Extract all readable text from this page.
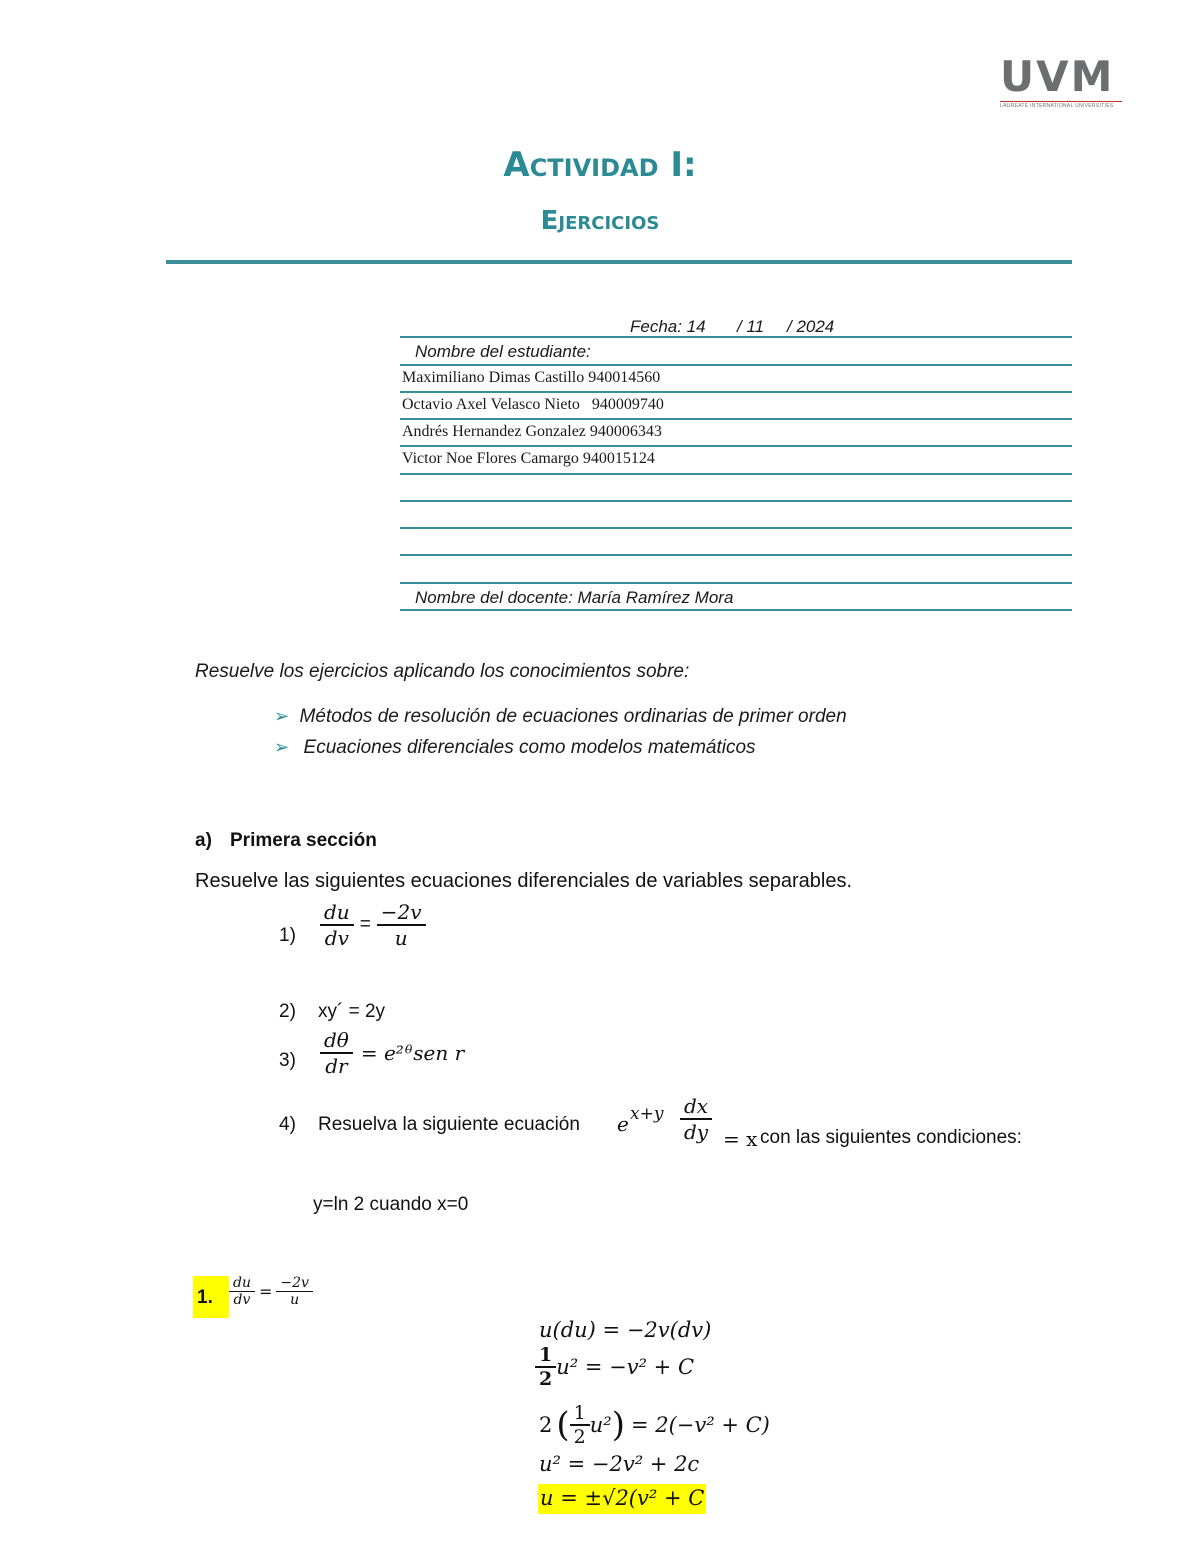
UVM
LAUREATE INTERNATIONAL UNIVERSITIES
Actividad I:
Ejercicios
Fecha: 14 / 11 / 2024
Nombre del estudiante:
Maximiliano Dimas Castillo 940014560
Octavio Axel Velasco Nieto   940009740
Andrés Hernandez Gonzalez 940006343
Victor Noe Flores Camargo 940015124
Nombre del docente: María Ramírez Mora
Resuelve los ejercicios aplicando los conocimientos sobre:
➢ Métodos de resolución de ecuaciones ordinarias de primer orden
➢ Ecuaciones diferenciales como modelos matemáticos
a) Primera sección
Resuelve las siguientes ecuaciones diferenciales de variables separables.
$1) \frac{du}{dv} = \frac{-2v}{u}$
2) xy´ = 2y
$3) \frac{d\theta}{dr}$ = e²ᶿsen r
4) Resuelva la siguiente ecuación e x+y dx
dy = x con las siguientes condiciones:
y=ln 2 cuando x=0
1. $\frac{du}{dv} = \frac{-2v}{u}$
u(du) = −2v(dv)
$\frac{1}{2} u^2 = -v^2 + C$
2 ( $\frac{1}{2} u^2$ ) = 2(−v² + C)
u² = −2v² + 2c
u = ±√2(v² + C
